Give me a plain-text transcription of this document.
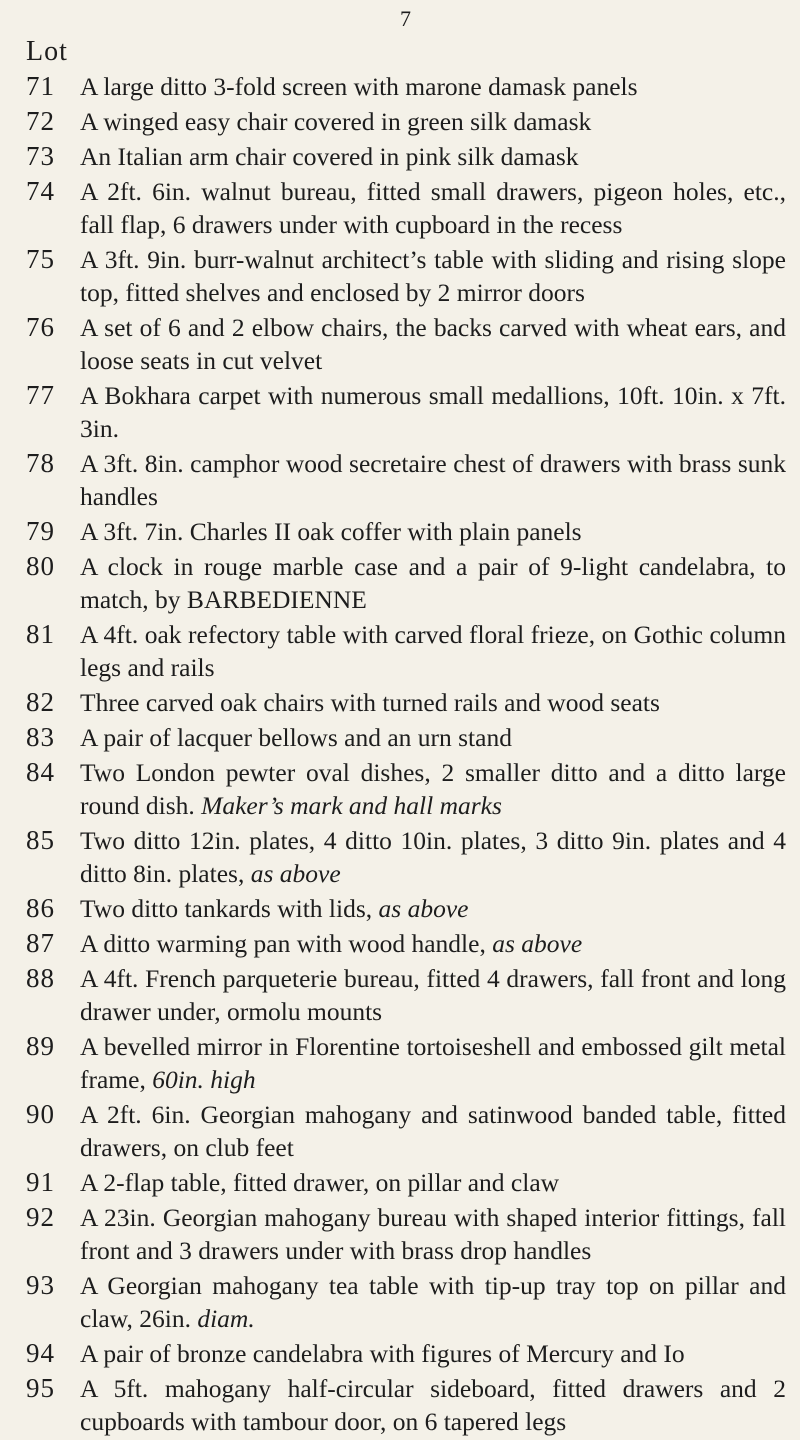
7
Lot
71 A large ditto 3-fold screen with marone damask panels
72 A winged easy chair covered in green silk damask
73 An Italian arm chair covered in pink silk damask
74 A 2ft. 6in. walnut bureau, fitted small drawers, pigeon holes, etc., fall flap, 6 drawers under with cupboard in the recess
75 A 3ft. 9in. burr-walnut architect’s table with sliding and rising slope top, fitted shelves and enclosed by 2 mirror doors
76 A set of 6 and 2 elbow chairs, the backs carved with wheat ears, and loose seats in cut velvet
77 A Bokhara carpet with numerous small medallions, 10ft. 10in. x 7ft. 3in.
78 A 3ft. 8in. camphor wood secretaire chest of drawers with brass sunk handles
79 A 3ft. 7in. Charles II oak coffer with plain panels
80 A clock in rouge marble case and a pair of 9-light candelabra, to match, by BARBEDIENNE
81 A 4ft. oak refectory table with carved floral frieze, on Gothic column legs and rails
82 Three carved oak chairs with turned rails and wood seats
83 A pair of lacquer bellows and an urn stand
84 Two London pewter oval dishes, 2 smaller ditto and a ditto large round dish. Maker’s mark and hall marks
85 Two ditto 12in. plates, 4 ditto 10in. plates, 3 ditto 9in. plates and 4 ditto 8in. plates, as above
86 Two ditto tankards with lids, as above
87 A ditto warming pan with wood handle, as above
88 A 4ft. French parqueterie bureau, fitted 4 drawers, fall front and long drawer under, ormolu mounts
89 A bevelled mirror in Florentine tortoiseshell and embossed gilt metal frame, 60in. high
90 A 2ft. 6in. Georgian mahogany and satinwood banded table, fitted drawers, on club feet
91 A 2-flap table, fitted drawer, on pillar and claw
92 A 23in. Georgian mahogany bureau with shaped interior fittings, fall front and 3 drawers under with brass drop handles
93 A Georgian mahogany tea table with tip-up tray top on pillar and claw, 26in. diam.
94 A pair of bronze candelabra with figures of Mercury and Io
95 A 5ft. mahogany half-circular sideboard, fitted drawers and 2 cupboards with tambour door, on 6 tapered legs
